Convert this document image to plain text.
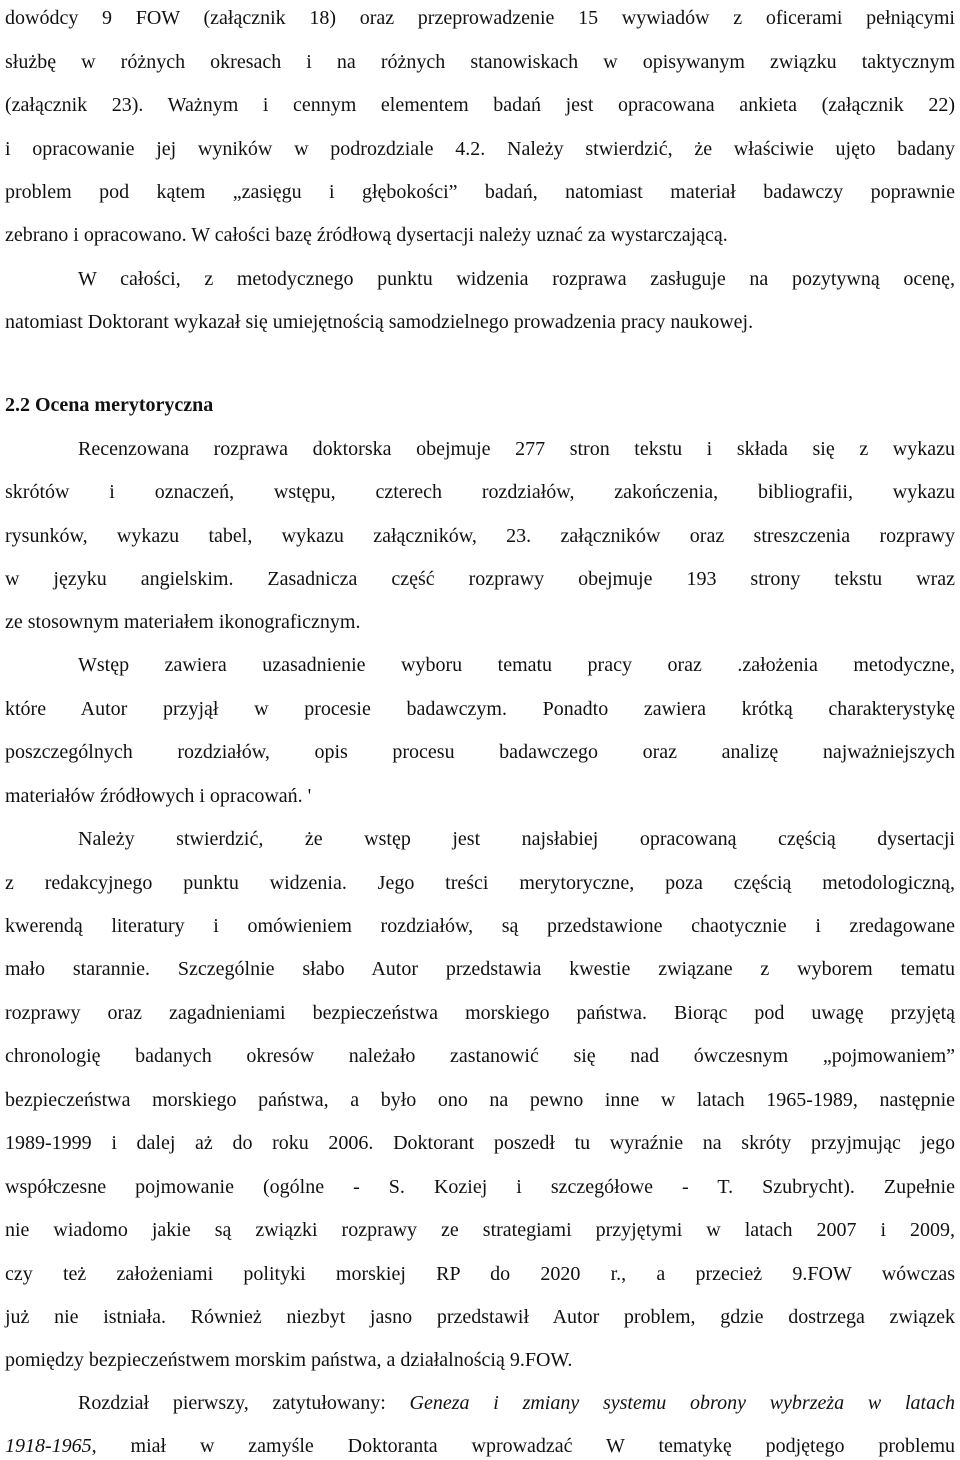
dowódcy 9 FOW (załącznik 18) oraz przeprowadzenie 15 wywiadów z oficerami pełniącymi
służbę w różnych okresach i na różnych stanowiskach w opisywanym związku taktycznym
(załącznik 23). Ważnym i cennym elementem badań jest opracowana ankieta (załącznik 22)
i opracowanie jej wyników w podrozdziale 4.2. Należy stwierdzić, że właściwie ujęto badany
problem pod kątem „zasięgu i głębokości” badań, natomiast materiał badawczy poprawnie
zebrano i opracowano. W całości bazę źródłową dysertacji należy uznać za wystarczającą.
W całości, z metodycznego punktu widzenia rozprawa zasługuje na pozytywną ocenę,
natomiast Doktorant wykazał się umiejętnością samodzielnego prowadzenia pracy naukowej.
2.2 Ocena merytoryczna
Recenzowana rozprawa doktorska obejmuje 277 stron tekstu i składa się z wykazu
skrótów i oznaczeń, wstępu, czterech rozdziałów, zakończenia, bibliografii, wykazu
rysunków, wykazu tabel, wykazu załączników, 23. załączników oraz streszczenia rozprawy
w języku angielskim. Zasadnicza część rozprawy obejmuje 193 strony tekstu wraz
ze stosownym materiałem ikonograficznym.
Wstęp zawiera uzasadnienie wyboru tematu pracy oraz .założenia metodyczne,
które Autor przyjął w procesie badawczym. Ponadto zawiera krótką charakterystykę
poszczególnych rozdziałów, opis procesu badawczego oraz analizę najważniejszych
materiałów źródłowych i opracowań. '
Należy stwierdzić, że wstęp jest najsłabiej opracowaną częścią dysertacji
z redakcyjnego punktu widzenia. Jego treści merytoryczne, poza częścią metodologiczną,
kwerendą literatury i omówieniem rozdziałów, są przedstawione chaotycznie i zredagowane
mało starannie. Szczególnie słabo Autor przedstawia kwestie związane z wyborem tematu
rozprawy oraz zagadnieniami bezpieczeństwa morskiego państwa. Biorąc pod uwagę przyjętą
chronologię badanych okresów należało zastanowić się nad ówczesnym „pojmowaniem”
bezpieczeństwa morskiego państwa, a było ono na pewno inne w latach 1965-1989, następnie
1989-1999 i dalej aż do roku 2006. Doktorant poszedł tu wyraźnie na skróty przyjmując jego
współczesne pojmowanie (ogólne - S. Koziej i szczegółowe - T. Szubrycht). Zupełnie
nie wiadomo jakie są związki rozprawy ze strategiami przyjętymi w latach 2007 i 2009,
czy też założeniami polityki morskiej RP do 2020 r., a przecież 9.FOW wówczas
już nie istniała. Również niezbyt jasno przedstawił Autor problem, gdzie dostrzega związek
pomiędzy bezpieczeństwem morskim państwa, a działalnością 9.FOW.
Rozdział pierwszy, zatytułowany: Geneza i zmiany systemu obrony wybrzeża w latach
1918-1965, miał w zamyśle Doktoranta wprowadzać W tematykę podjętego problemu
